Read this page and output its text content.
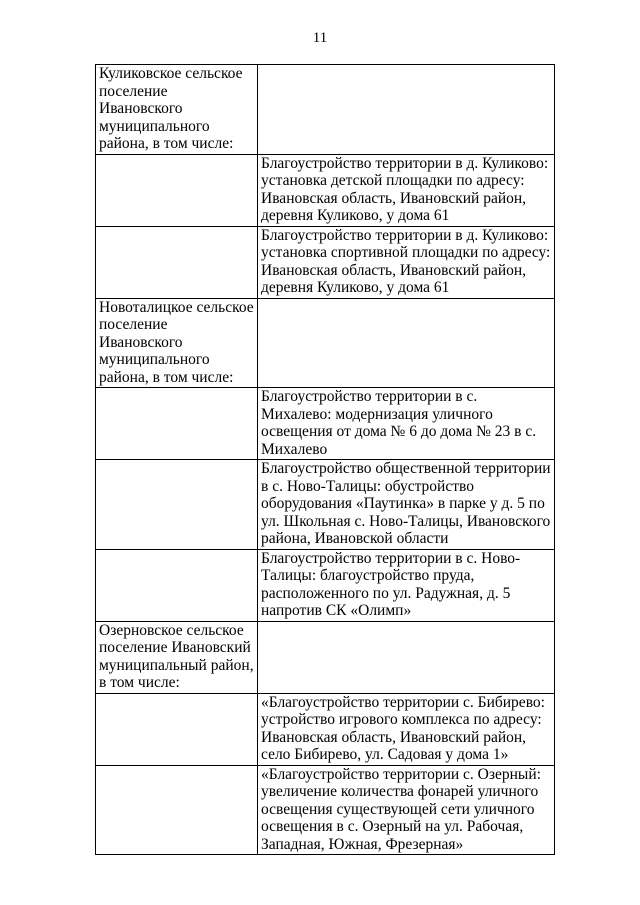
11
Куликовское сельское поселение Ивановского муниципального района, в том числе:	
	Благоустройство территории в д. Куликово: установка детской площадки по адресу: Ивановская область, Ивановский район, деревня Куликово, у дома 61
	Благоустройство территории в д. Куликово: установка спортивной площадки по адресу: Ивановская область, Ивановский район, деревня Куликово, у дома 61
Новоталицкое сельское поселение Ивановского муниципального района, в том числе:	
	Благоустройство территории в с. Михалево: модернизация уличного освещения от дома № 6 до дома № 23 в с. Михалево
	Благоустройство общественной территории в с. Ново-Талицы: обустройство оборудования «Паутинка» в парке у д. 5 по ул. Школьная с. Ново-Талицы, Ивановского района, Ивановской области
	Благоустройство территории в с. Ново-Талицы: благоустройство пруда, расположенного по ул. Радужная, д. 5 напротив СК «Олимп»
Озерновское сельское поселение Ивановский муниципальный район, в том числе:	
	«Благоустройство территории с. Бибирево: устройство игрового комплекса по адресу: Ивановская область, Ивановский район, село Бибирево, ул. Садовая у дома 1»
	«Благоустройство территории с. Озерный: увеличение количества фонарей уличного освещения существующей сети уличного освещения в с. Озерный на ул. Рабочая, Западная, Южная, Фрезерная»
